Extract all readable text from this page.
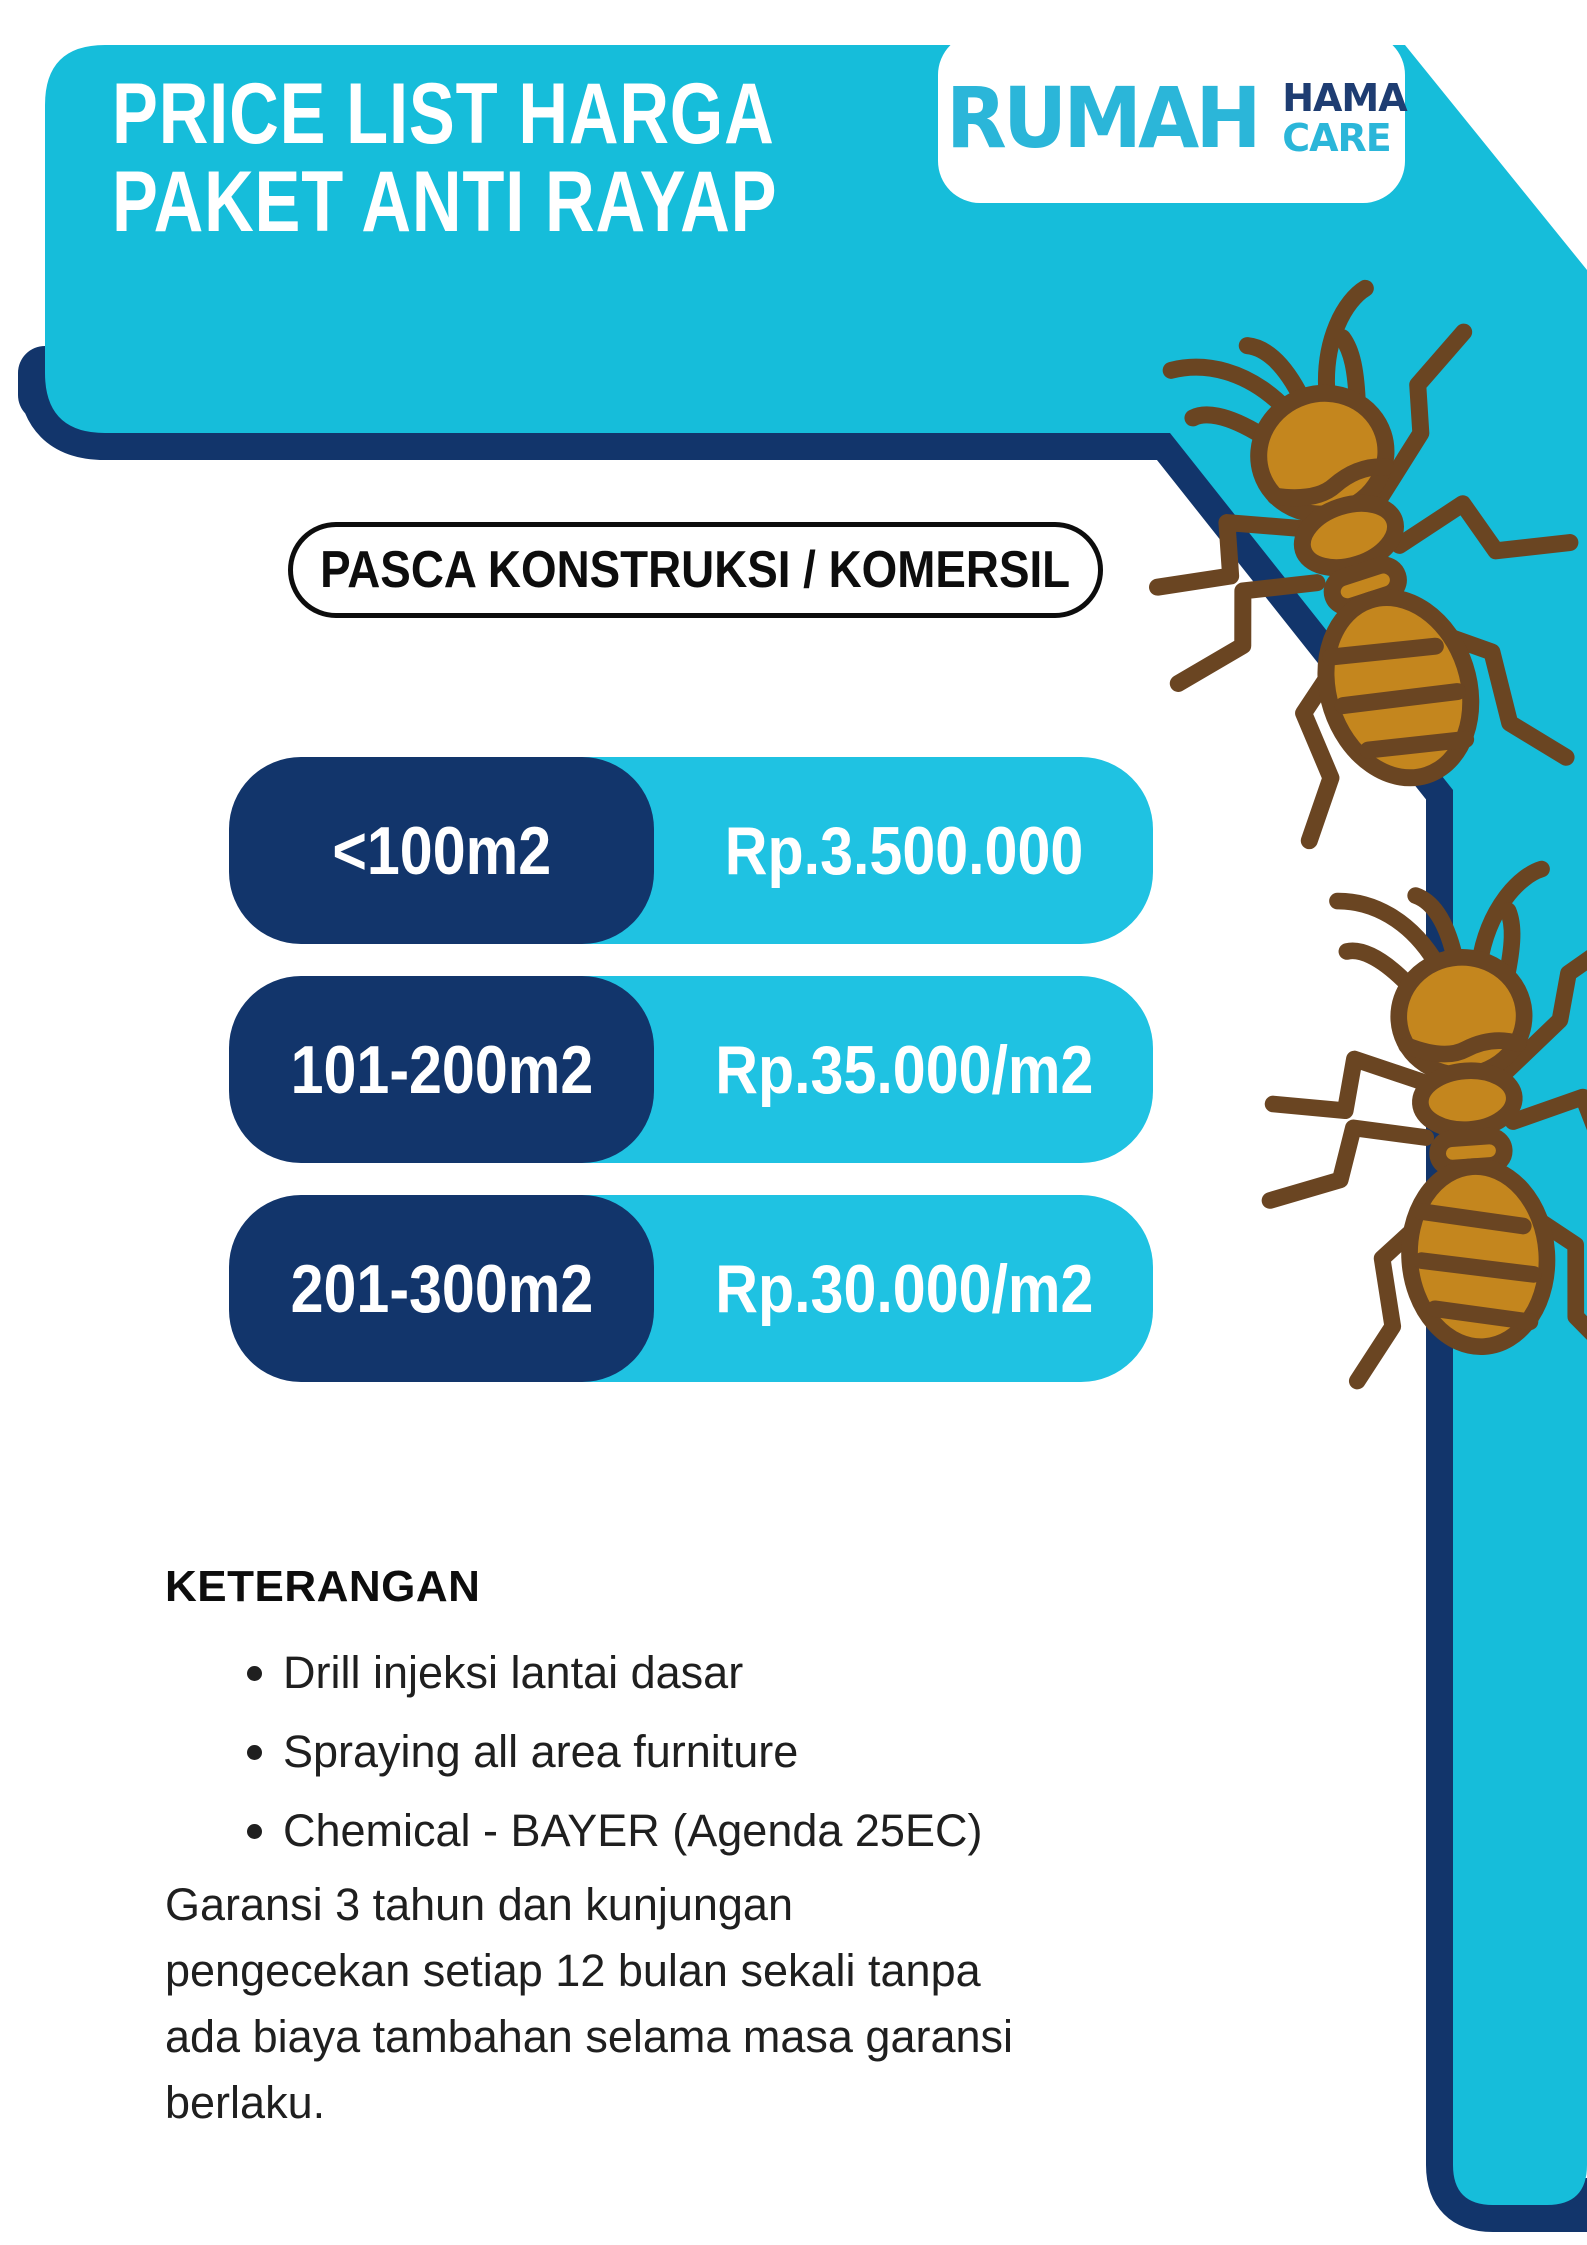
PRICE LIST HARGA
PAKET ANTI RAYAP
RUMAH HAMA
CARE
PASCA KONSTRUKSI / KOMERSIL
Rp.3.500.000
<100m2
Rp.35.000/m2
101-200m2
Rp.30.000/m2
201-300m2
KETERANGAN
Drill injeksi lantai dasar
Spraying all area furniture
Chemical - BAYER (Agenda 25EC)
Garansi 3 tahun dan kunjungan pengecekan setiap 12 bulan sekali tanpa ada biaya tambahan selama masa garansi berlaku.
